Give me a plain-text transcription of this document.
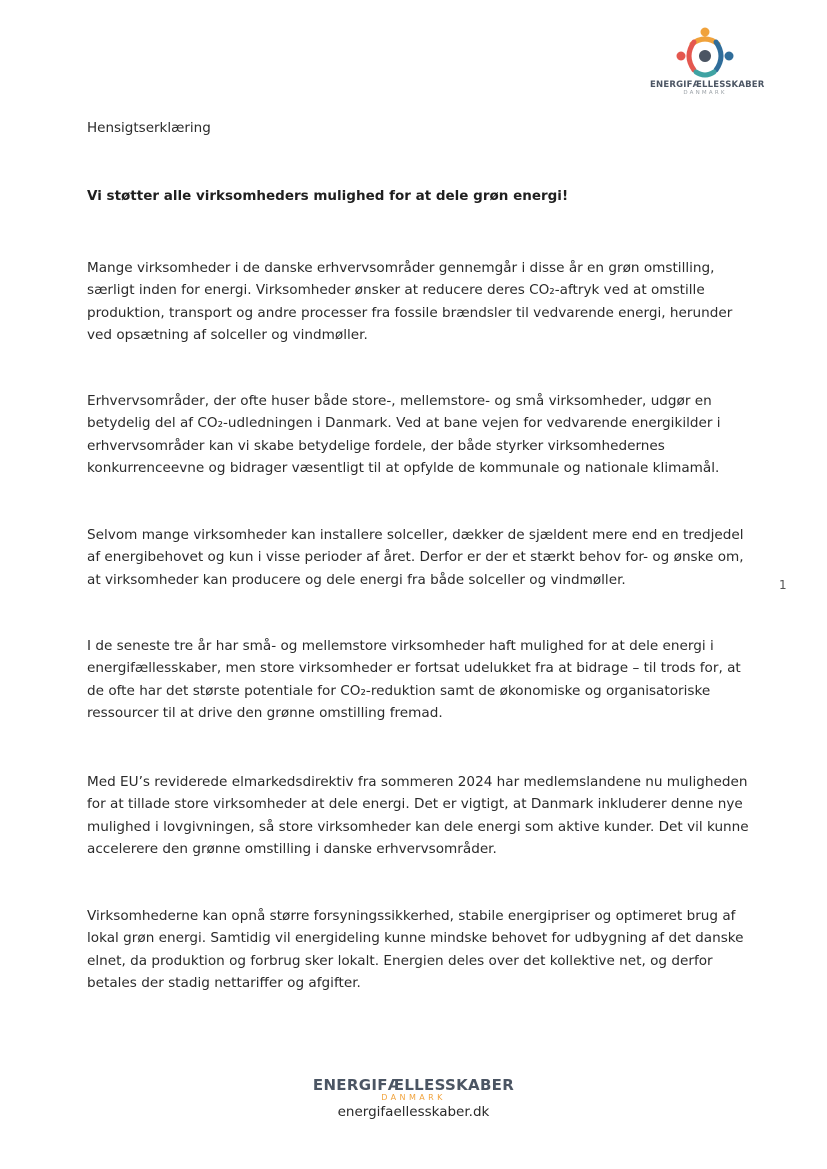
ENERGIFÆLLESSKABER
DANMARK
Hensigtserklæring
Vi støtter alle virksomheders mulighed for at dele grøn energi!

Mange virksomheder i de danske erhvervsområder gennemgår i disse år en grøn omstilling, særligt inden for energi. Virksomheder ønsker at reducere deres CO₂-aftryk ved at omstille produktion, transport og andre processer fra fossile brændsler til vedvarende energi, herunder ved opsætning af solceller og vindmøller.

Erhvervsområder, der ofte huser både store-, mellemstore- og små virksomheder, udgør en betydelig del af CO₂-udledningen i Danmark. Ved at bane vejen for vedvarende energikilder i erhvervsområder kan vi skabe betydelige fordele, der både styrker virksomhedernes konkurrenceevne og bidrager væsentligt til at opfylde de kommunale og nationale klimamål.

Selvom mange virksomheder kan installere solceller, dækker de sjældent mere end en tredjedel af energibehovet og kun i visse perioder af året. Derfor er der et stærkt behov for- og ønske om, at virksomheder kan producere og dele energi fra både solceller og vindmøller.

I de seneste tre år har små- og mellemstore virksomheder haft mulighed for at dele energi i energifællesskaber, men store virksomheder er fortsat udelukket fra at bidrage – til trods for, at de ofte har det største potentiale for CO₂-reduktion samt de økonomiske og organisatoriske ressourcer til at drive den grønne omstilling fremad.

Med EU’s reviderede elmarkedsdirektiv fra sommeren 2024 har medlemslandene nu muligheden for at tillade store virksomheder at dele energi. Det er vigtigt, at Danmark inkluderer denne nye mulighed i lovgivningen, så store virksomheder kan dele energi som aktive kunder. Det vil kunne accelerere den grønne omstilling i danske erhvervsområder.

Virksomhederne kan opnå større forsyningssikkerhed, stabile energipriser og optimeret brug af lokal grøn energi. Samtidig vil energideling kunne mindske behovet for udbygning af det danske elnet, da produktion og forbrug sker lokalt. Energien deles over det kollektive net, og derfor betales der stadig nettariffer og afgifter.

1
ENERGIFÆLLESSKABER
DANMARK
energifaellesskaber.dk
